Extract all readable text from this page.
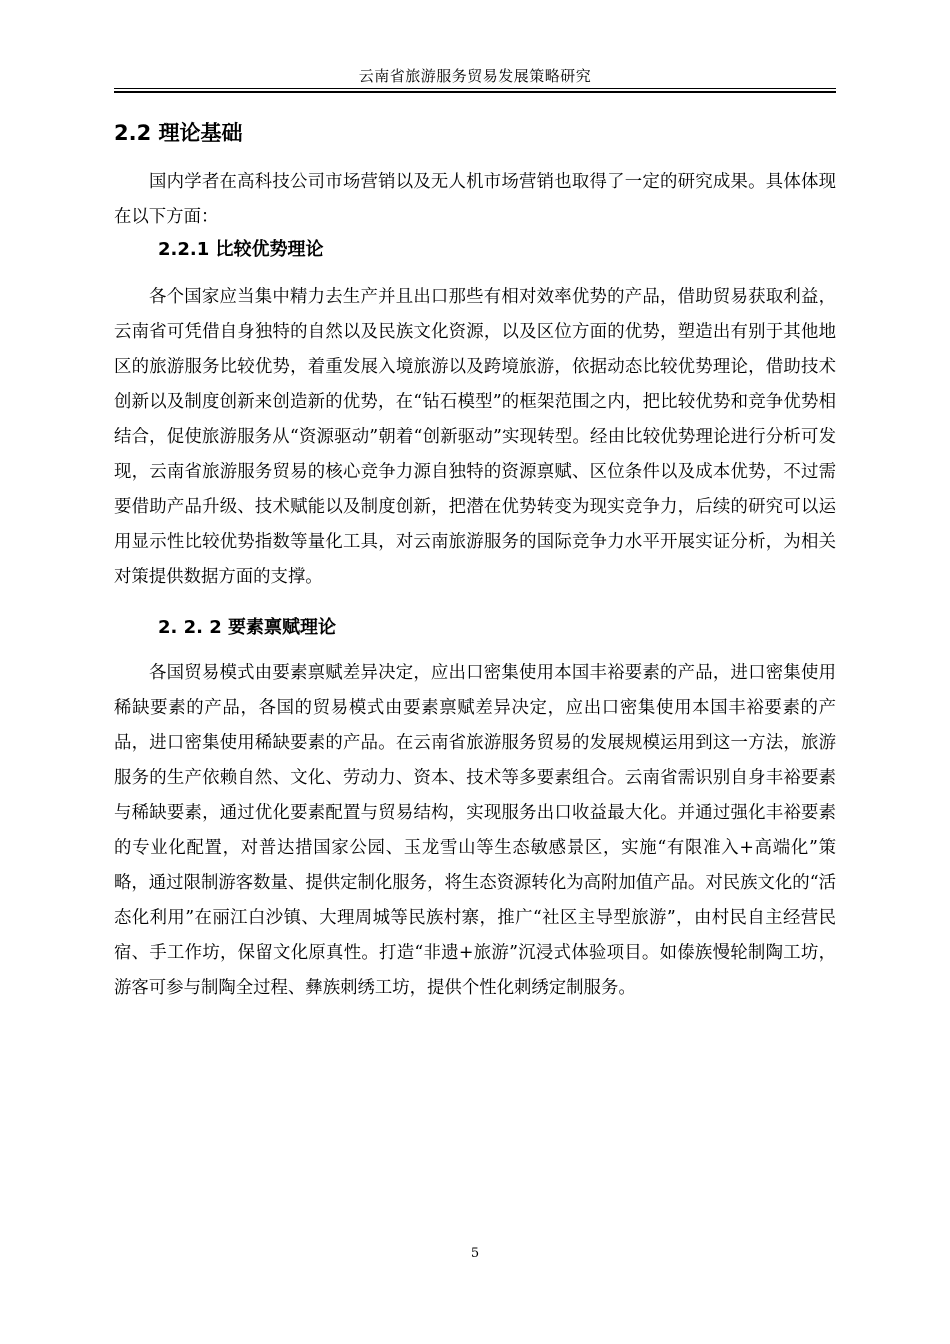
云南省旅游服务贸易发展策略研究
2.2 理论基础

国内学者在高科技公司市场营销以及无人机市场营销也取得了一定的研究成果。具体体现在以下方面：

2.2.1 比较优势理论

各个国家应当集中精力去生产并且出口那些有相对效率优势的产品，借助贸易获取利益，云南省可凭借自身独特的自然以及民族文化资源，以及区位方面的优势，塑造出有别于其他地区的旅游服务比较优势，着重发展入境旅游以及跨境旅游，依据动态比较优势理论，借助技术创新以及制度创新来创造新的优势，在“钻石模型”的框架范围之内，把比较优势和竞争优势相结合，促使旅游服务从“资源驱动”朝着“创新驱动”实现转型。经由比较优势理论进行分析可发现，云南省旅游服务贸易的核心竞争力源自独特的资源禀赋、区位条件以及成本优势，不过需要借助产品升级、技术赋能以及制度创新，把潜在优势转变为现实竞争力，后续的研究可以运用显示性比较优势指数等量化工具，对云南旅游服务的国际竞争力水平开展实证分析，为相关对策提供数据方面的支撑。

2. 2. 2 要素禀赋理论

各国贸易模式由要素禀赋差异决定，应出口密集使用本国丰裕要素的产品，进口密集使用稀缺要素的产品，各国的贸易模式由要素禀赋差异决定，应出口密集使用本国丰裕要素的产品，进口密集使用稀缺要素的产品。在云南省旅游服务贸易的发展规模运用到这一方法，旅游服务的生产依赖自然、文化、劳动力、资本、技术等多要素组合。云南省需识别自身丰裕要素与稀缺要素，通过优化要素配置与贸易结构，实现服务出口收益最大化。并通过强化丰裕要素的专业化配置，对普达措国家公园、玉龙雪山等生态敏感景区，实施“有限准入+高端化”策略，通过限制游客数量、提供定制化服务，将生态资源转化为高附加值产品。对民族文化的“活态化利用”在丽江白沙镇、大理周城等民族村寨，推广“社区主导型旅游”，由村民自主经营民宿、手工作坊，保留文化原真性。打造“非遗+旅游”沉浸式体验项目。如傣族慢轮制陶工坊，游客可参与制陶全过程、彝族刺绣工坊，提供个性化刺绣定制服务。

5
